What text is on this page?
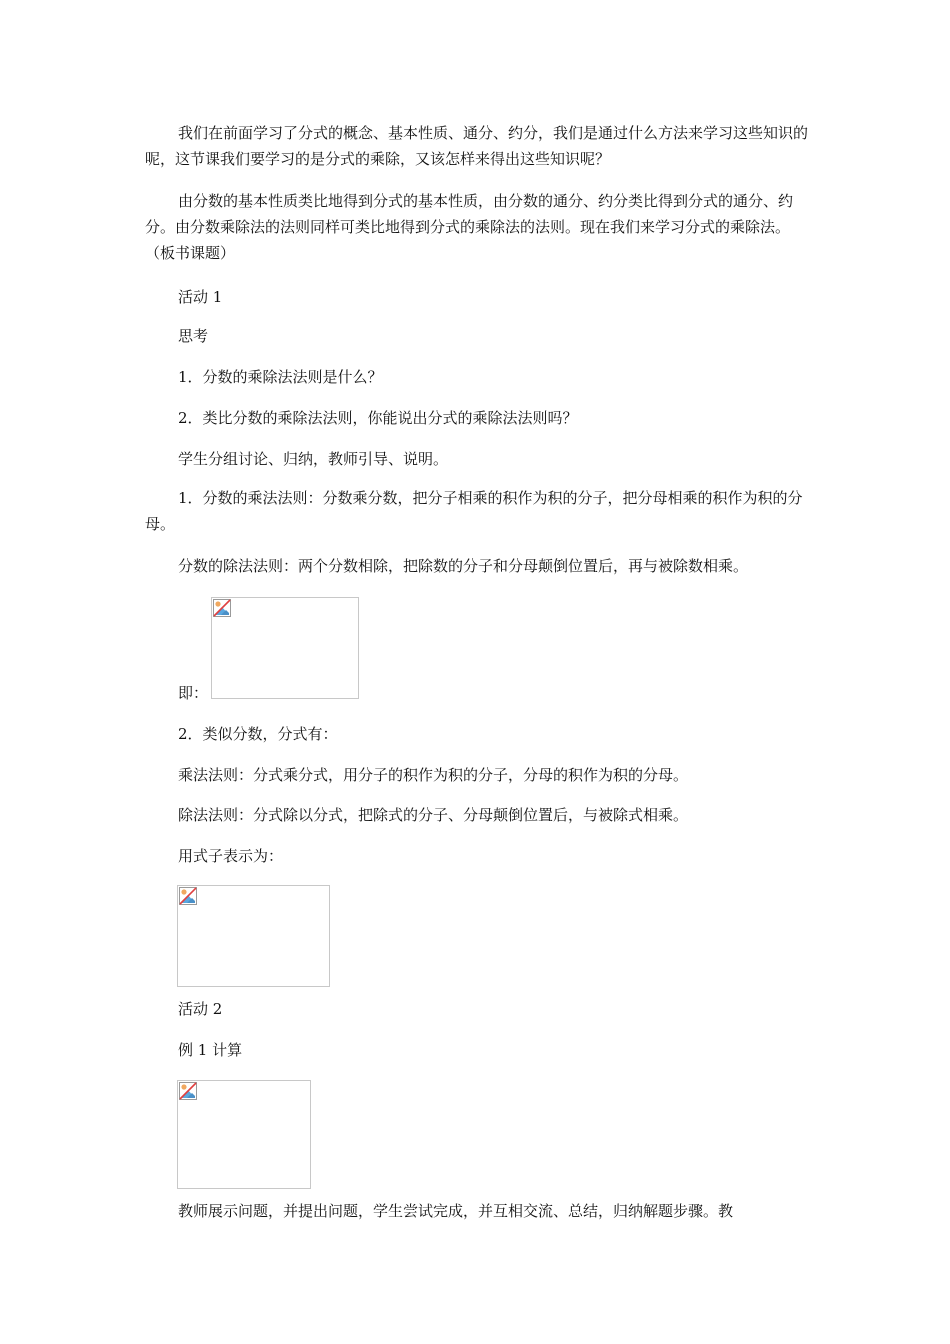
我们在前面学习了分式的概念、基本性质、通分、约分，我们是通过什么方法来学习这些知识的呢，这节课我们要学习的是分式的乘除，又该怎样来得出这些知识呢？

由分数的基本性质类比地得到分式的基本性质，由分数的通分、约分类比得到分式的通分、约分。由分数乘除法的法则同样可类比地得到分式的乘除法的法则。现在我们来学习分式的乘除法。（板书课题）

活动 1

思考

1．分数的乘除法法则是什么？

2．类比分数的乘除法法则，你能说出分式的乘除法法则吗？

学生分组讨论、归纳，教师引导、说明。

1．分数的乘法法则：分数乘分数，把分子相乘的积作为积的分子，把分母相乘的积作为积的分母。

分数的除法法则：两个分数相除，把除数的分子和分母颠倒位置后，再与被除数相乘。

即：

2．类似分数，分式有：

乘法法则：分式乘分式，用分子的积作为积的分子，分母的积作为积的分母。

除法法则：分式除以分式，把除式的分子、分母颠倒位置后，与被除式相乘。

用式子表示为：

活动 2

例 1 计算

教师展示问题，并提出问题，学生尝试完成，并互相交流、总结，归纳解题步骤。教
